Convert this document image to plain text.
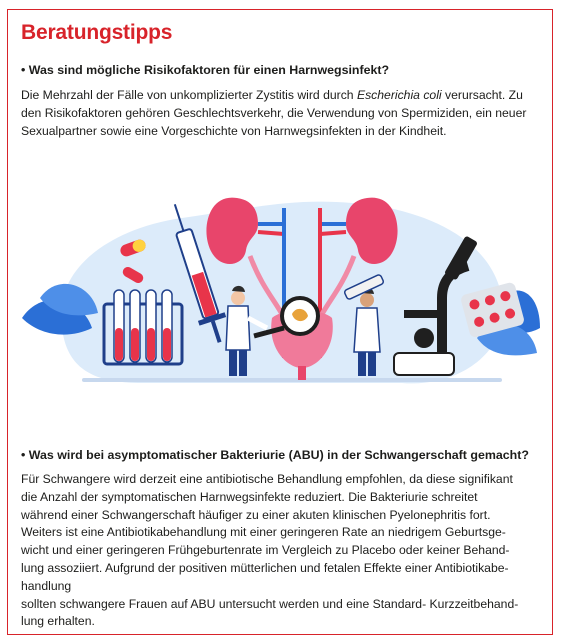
Beratungstipps
• Was sind mögliche Risikofaktoren für einen Harnwegsinfekt?
Die Mehrzahl der Fälle von unkomplizierter Zystitis wird durch Escherichia coli verursacht. Zu
den Risikofaktoren gehören Geschlechtsverkehr, die Verwendung von Spermiziden, ein neuer
Sexualpartner sowie eine Vorgeschichte von Harnwegsinfekten in der Kindheit.
• Was wird bei asymptomatischer Bakteriurie (ABU) in der Schwangerschaft gemacht?
Für Schwangere wird derzeit eine antibiotische Behandlung empfohlen, da diese signifikant
die Anzahl der symptomatischen Harnwegsinfekte reduziert. Die Bakteriurie schreitet
während einer Schwangerschaft häufiger zu einer akuten klinischen Pyelonephritis fort.
Weiters ist eine Antibiotikabehandlung mit einer geringeren Rate an niedrigem Geburtsge-
wicht und einer geringeren Frühgeburtenrate im Vergleich zu Placebo oder keiner Behand-
lung assoziiert. Aufgrund der positiven mütterlichen und fetalen Effekte einer Antibiotikabe-
handlung
sollten schwangere Frauen auf ABU untersucht werden und eine Standard- Kurzzeitbehand-
lung erhalten.
